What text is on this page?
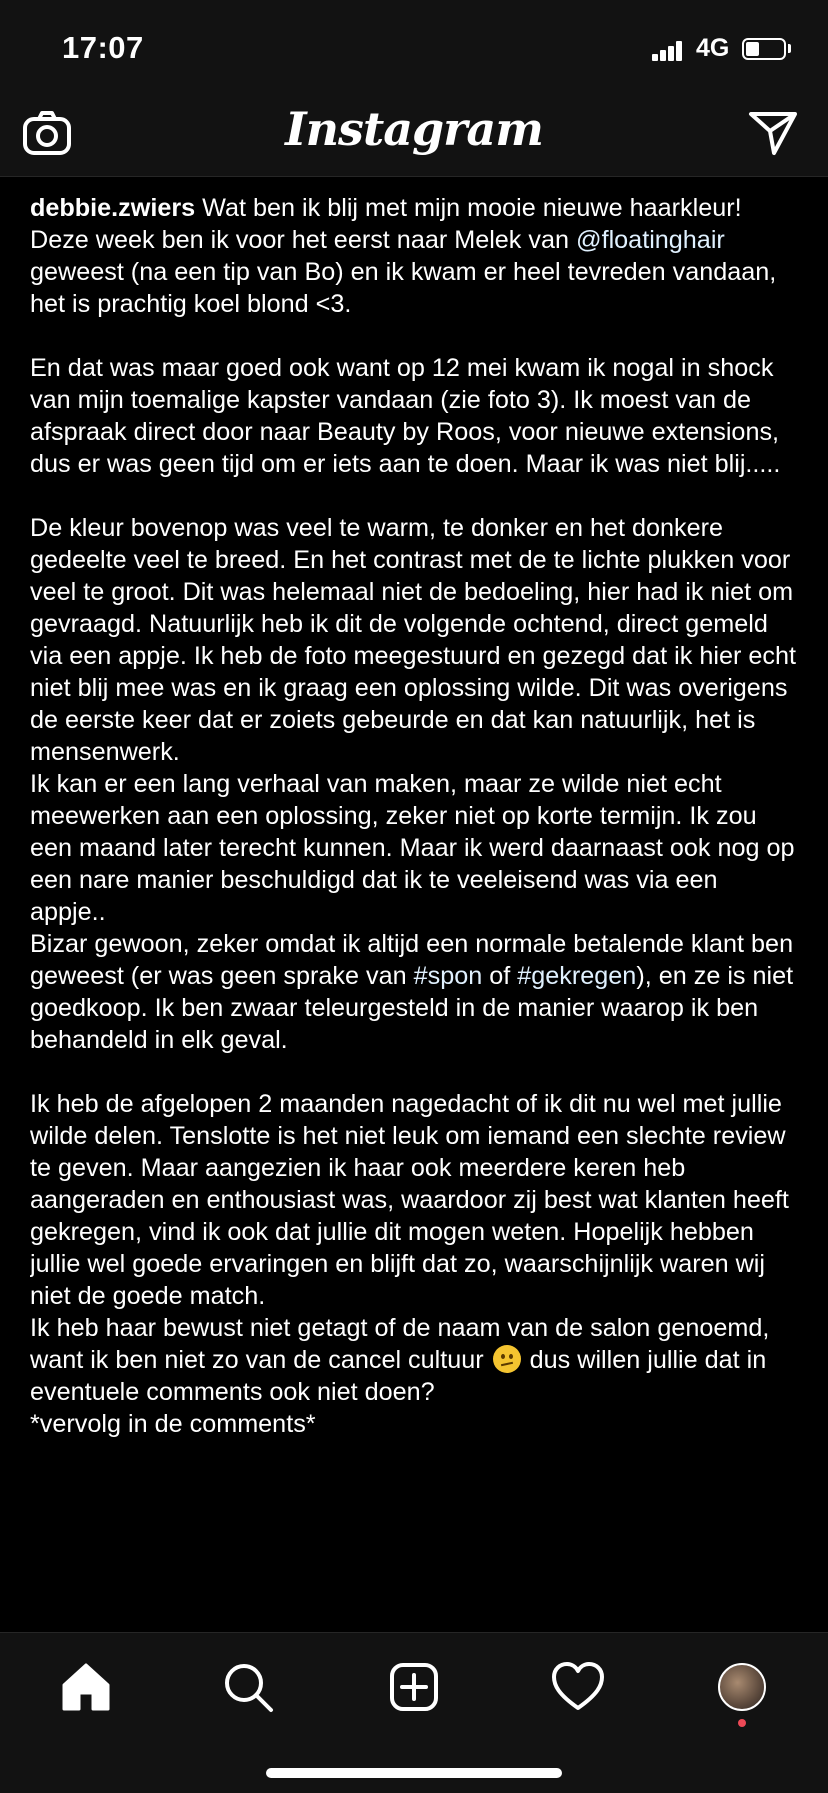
17:07	4G
Instagram

debbie.zwiers Wat ben ik blij met mijn mooie nieuwe haarkleur! Deze week ben ik voor het eerst naar Melek van @floatinghair geweest (na een tip van Bo) en ik kwam er heel tevreden vandaan, het is prachtig koel blond <3.

En dat was maar goed ook want op 12 mei kwam ik nogal in shock van mijn toemalige kapster vandaan (zie foto 3). Ik moest van de afspraak direct door naar Beauty by Roos, voor nieuwe extensions, dus er was geen tijd om er iets aan te doen. Maar ik was niet blij.....

De kleur bovenop was veel te warm, te donker en het donkere gedeelte veel te breed. En het contrast met de te lichte plukken voor veel te groot. Dit was helemaal niet de bedoeling, hier had ik niet om gevraagd. Natuurlijk heb ik dit de volgende ochtend, direct gemeld via een appje. Ik heb de foto meegestuurd en gezegd dat ik hier echt niet blij mee was en ik graag een oplossing wilde. Dit was overigens de eerste keer dat er zoiets gebeurde en dat kan natuurlijk, het is mensenwerk.

Ik kan er een lang verhaal van maken, maar ze wilde niet echt meewerken aan een oplossing, zeker niet op korte termijn. Ik zou een maand later terecht kunnen. Maar ik werd daarnaast ook nog op een nare manier beschuldigd dat ik te veeleisend was via een appje..

Bizar gewoon, zeker omdat ik altijd een normale betalende klant ben geweest (er was geen sprake van #spon of #gekregen), en ze is niet goedkoop. Ik ben zwaar teleurgesteld in de manier waarop ik ben behandeld in elk geval.

Ik heb de afgelopen 2 maanden nagedacht of ik dit nu wel met jullie wilde delen. Tenslotte is het niet leuk om iemand een slechte review te geven. Maar aangezien ik haar ook meerdere keren heb aangeraden en enthousiast was, waardoor zij best wat klanten heeft gekregen, vind ik ook dat jullie dit mogen weten. Hopelijk hebben jullie wel goede ervaringen en blijft dat zo, waarschijnlijk waren wij niet de goede match.

Ik heb haar bewust niet getagt of de naam van de salon genoemd, want ik ben niet zo van de cancel cultuur
dus willen jullie dat in eventuele comments ook niet doen?

*vervolg in de comments*
